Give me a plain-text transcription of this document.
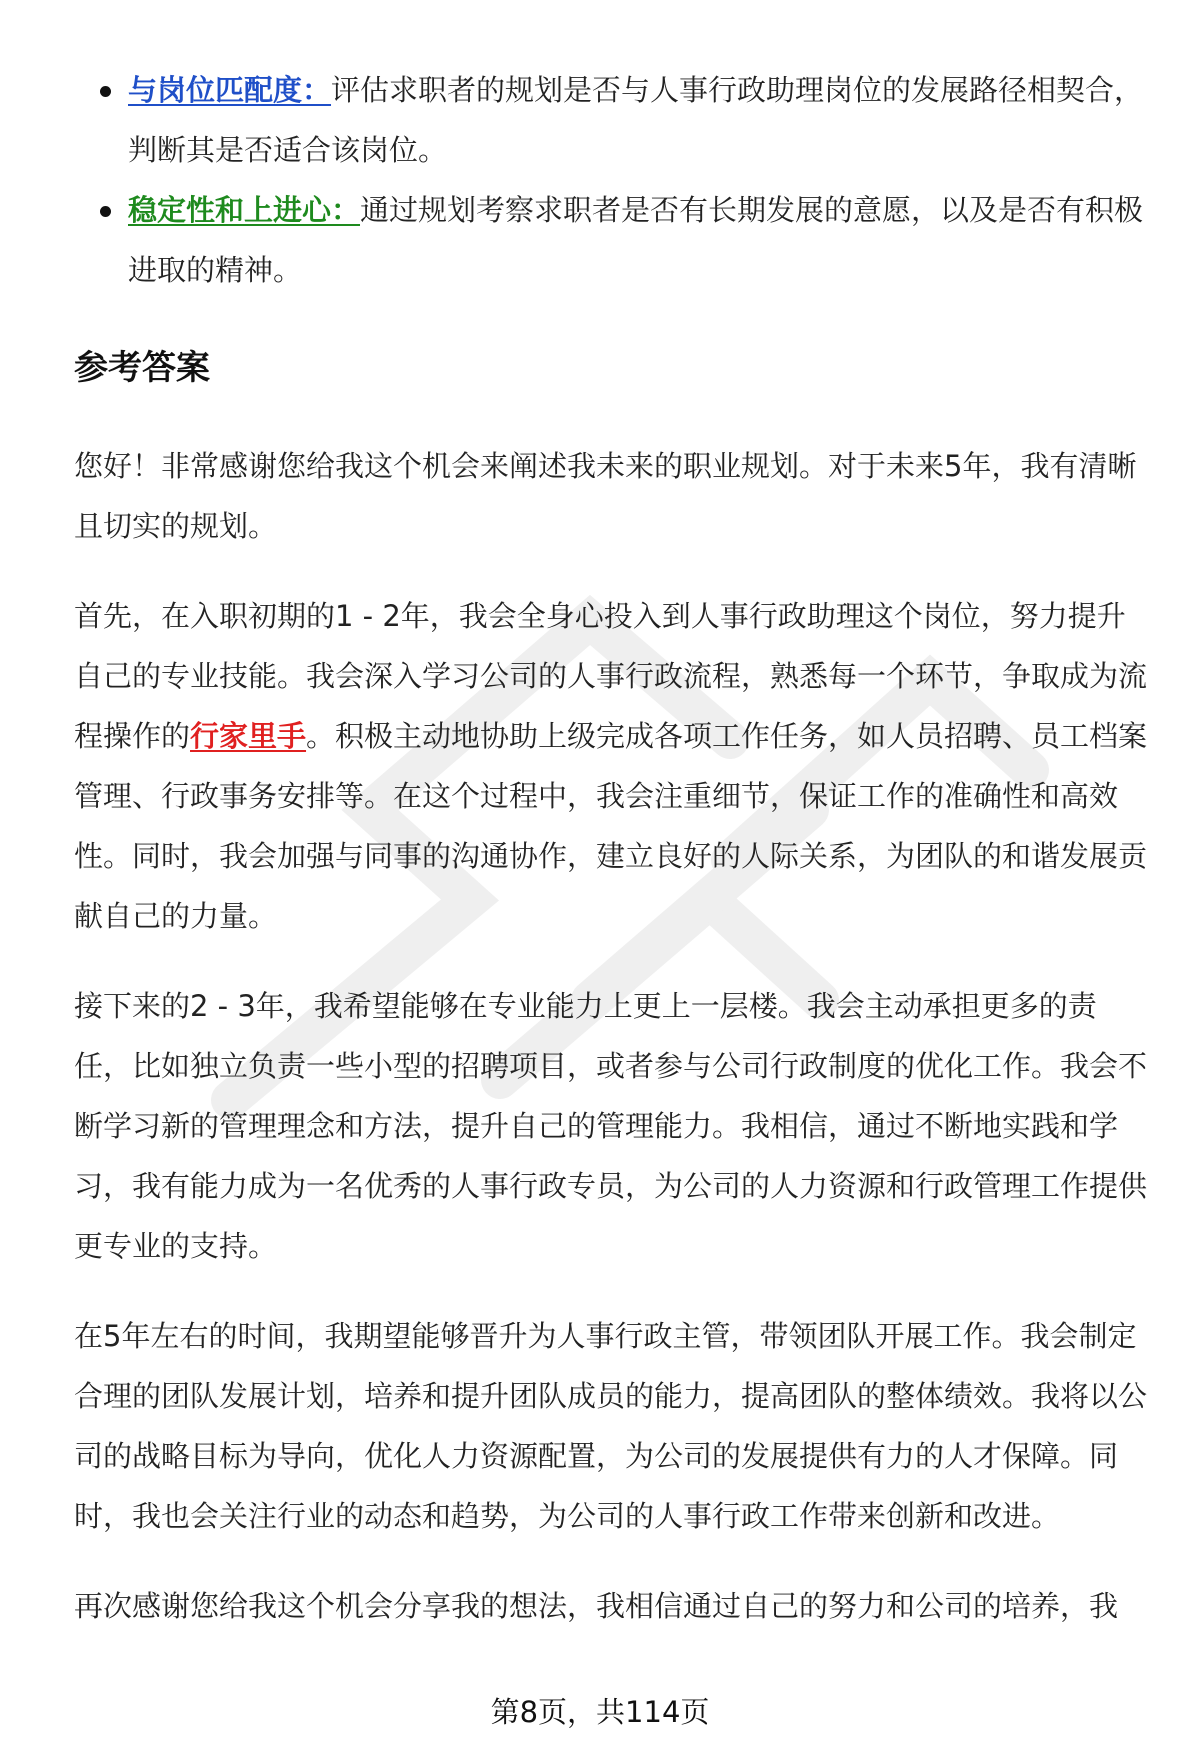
与岗位匹配度：评估求职者的规划是否与人事行政助理岗位的发展路径相契合，判断其是否适合该岗位。
稳定性和上进心：通过规划考察求职者是否有长期发展的意愿，以及是否有积极进取的精神。
参考答案

您好！非常感谢您给我这个机会来阐述我未来的职业规划。对于未来5年，我有清晰且切实的规划。

首先，在入职初期的1 - 2年，我会全身心投入到人事行政助理这个岗位，努力提升自己的专业技能。我会深入学习公司的人事行政流程，熟悉每一个环节，争取成为流程操作的行家里手。积极主动地协助上级完成各项工作任务，如人员招聘、员工档案管理、行政事务安排等。在这个过程中，我会注重细节，保证工作的准确性和高效性。同时，我会加强与同事的沟通协作，建立良好的人际关系，为团队的和谐发展贡献自己的力量。

接下来的2 - 3年，我希望能够在专业能力上更上一层楼。我会主动承担更多的责任，比如独立负责一些小型的招聘项目，或者参与公司行政制度的优化工作。我会不断学习新的管理理念和方法，提升自己的管理能力。我相信，通过不断地实践和学习，我有能力成为一名优秀的人事行政专员，为公司的人力资源和行政管理工作提供更专业的支持。

在5年左右的时间，我期望能够晋升为人事行政主管，带领团队开展工作。我会制定合理的团队发展计划，培养和提升团队成员的能力，提高团队的整体绩效。我将以公司的战略目标为导向，优化人力资源配置，为公司的发展提供有力的人才保障。同时，我也会关注行业的动态和趋势，为公司的人事行政工作带来创新和改进。

再次感谢您给我这个机会分享我的想法，我相信通过自己的努力和公司的培养，我

第8页，共114页
